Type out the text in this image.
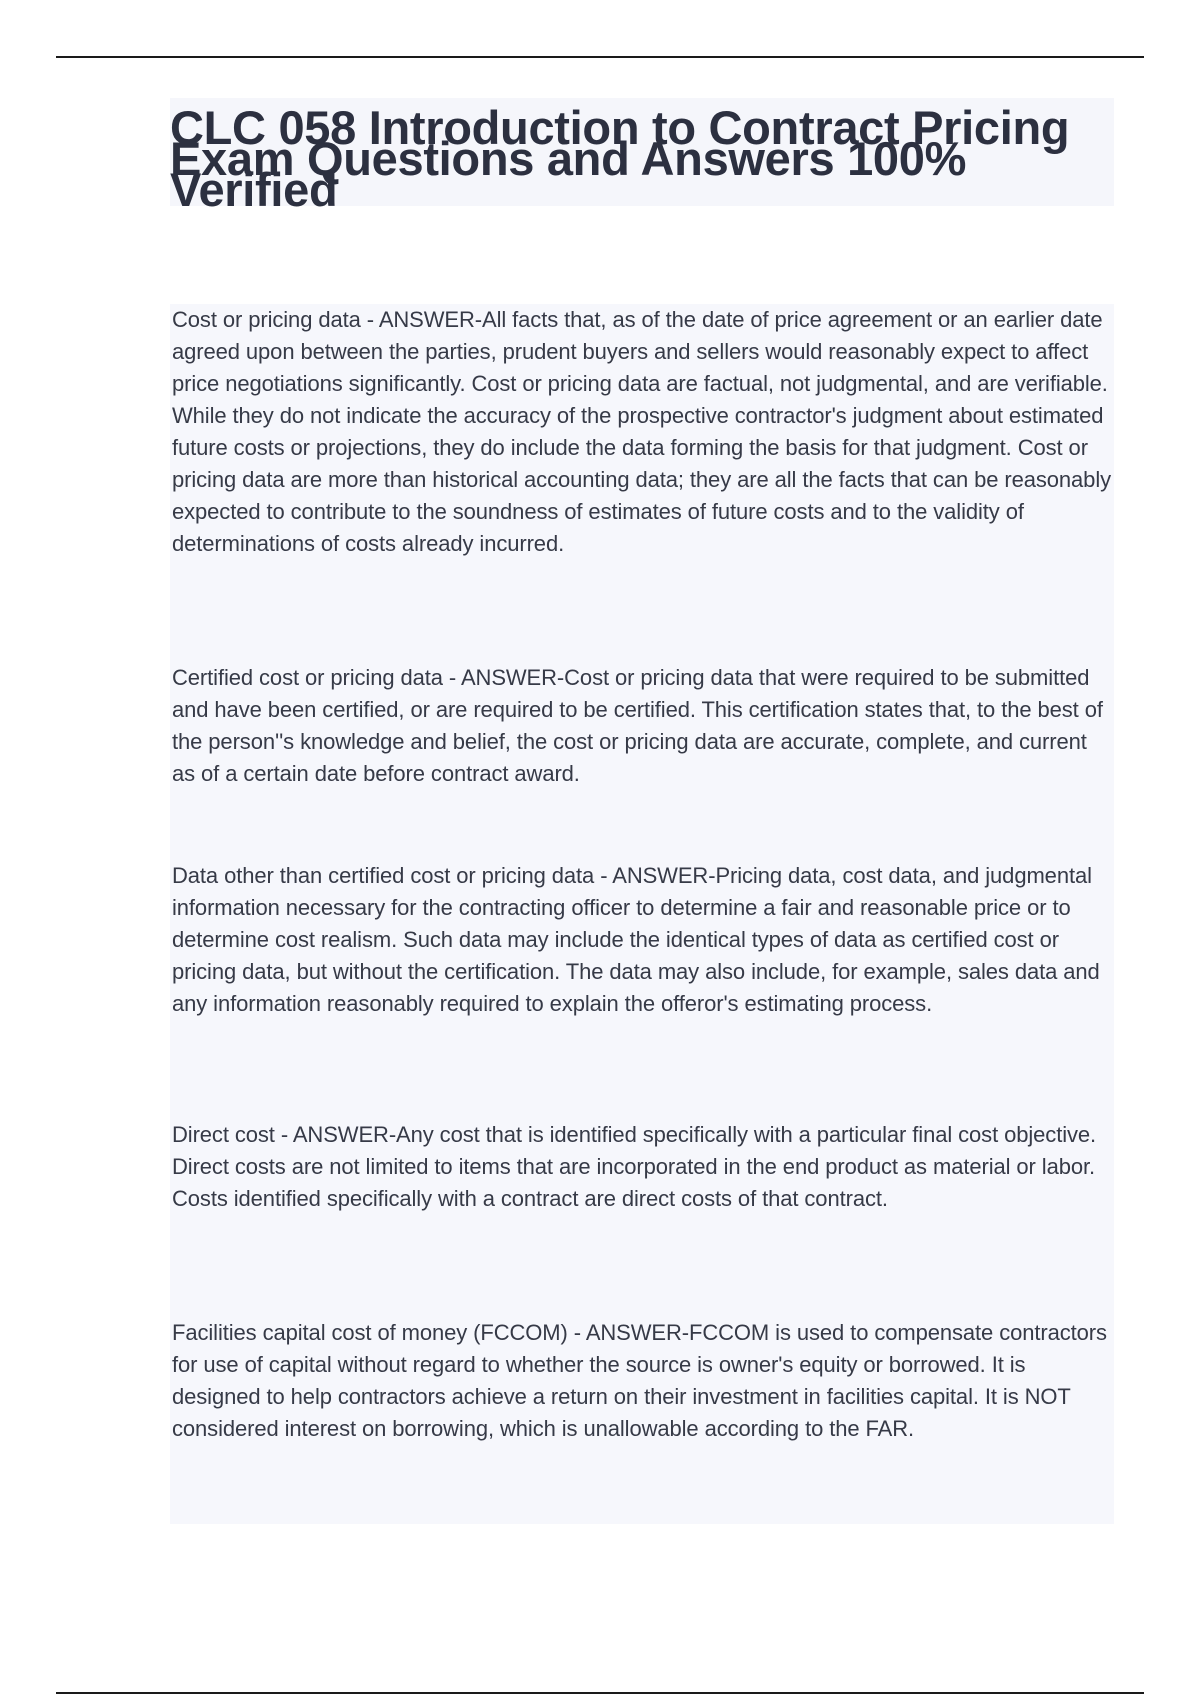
CLC 058 Introduction to Contract Pricing Exam Questions and Answers 100% Verified

Cost or pricing data - ANSWER-All facts that, as of the date of price agreement or an earlier date agreed upon between the parties, prudent buyers and sellers would reasonably expect to affect price negotiations significantly. Cost or pricing data are factual, not judgmental, and are verifiable. While they do not indicate the accuracy of the prospective contractor's judgment about estimated future costs or projections, they do include the data forming the basis for that judgment. Cost or pricing data are more than historical accounting data; they are all the facts that can be reasonably expected to contribute to the soundness of estimates of future costs and to the validity of determinations of costs already incurred.

Certified cost or pricing data - ANSWER-Cost or pricing data that were required to be submitted and have been certified, or are required to be certified. This certification states that, to the best of the person''s knowledge and belief, the cost or pricing data are accurate, complete, and current as of a certain date before contract award.

Data other than certified cost or pricing data - ANSWER-Pricing data, cost data, and judgmental information necessary for the contracting officer to determine a fair and reasonable price or to determine cost realism. Such data may include the identical types of data as certified cost or pricing data, but without the certification. The data may also include, for example, sales data and any information reasonably required to explain the offeror's estimating process.

Direct cost - ANSWER-Any cost that is identified specifically with a particular final cost objective. Direct costs are not limited to items that are incorporated in the end product as material or labor. Costs identified specifically with a contract are direct costs of that contract.

Facilities capital cost of money (FCCOM) - ANSWER-FCCOM is used to compensate contractors for use of capital without regard to whether the source is owner's equity or borrowed. It is designed to help contractors achieve a return on their investment in facilities capital. It is NOT considered interest on borrowing, which is unallowable according to the FAR.
